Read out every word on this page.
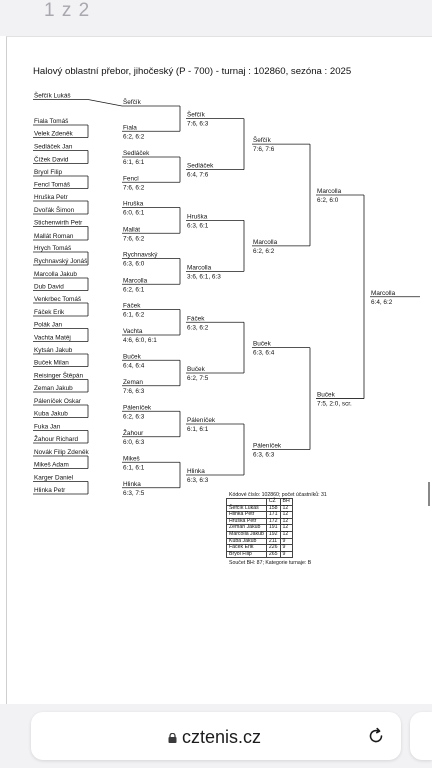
1 z 2
Halový oblastní přebor, jihočeský (P - 700) - turnaj : 102860, sezóna : 2025
Šefčík Lukáš
Fiala Tomáš
Velek Zdeněk
Sedláček Jan
Čížek David
Bryol Filip
Fencl Tomáš
Hruška Petr
Dvořák Šimon
Stichenwirth Petr
Mallát Roman
Hrych Tomáš
Rychnavský Jonáš
Marcolla Jakub
Dub David
Venkrbec Tomáš
Fáček Erik
Polák Jan
Vachta Matěj
Kytsán Jakub
Buček Milan
Reisinger Štěpán
Zeman Jakub
Páleníček Oskar
Kuba Jakub
Fuka Jan
Žahour Richard
Novák Filip Zdeněk
Mikeš Adam
Karger Daniel
Hlinka Petr
Šefčík
Fiala
6:2, 6:2
Sedláček
6:1, 6:1
Fencl
7:6, 6:2
Hruška
6:0, 6:1
Mallát
7:6, 6:2
Rychnavský
6:3, 6:0
Marcolla
6:2, 6:1
Fáček
6:1, 6:2
Vachta
4:6, 6:0, 6:1
Buček
6:4, 6:4
Zeman
7:6, 6:3
Páleníček
6:2, 6:3
Žahour
6:0, 6:3
Mikeš
6:1, 6:1
Hlinka
6:3, 7:5
Šefčík
7:6, 6:3
Sedláček
6:4, 7:6
Hruška
6:3, 6:1
Marcolla
3:6, 6:1, 6:3
Fáček
6:3, 6:2
Buček
6:2, 7:5
Páleníček
6:1, 6:1
Hlinka
6:3, 6:3
Šefčík
7:6, 7:6
Marcolla
6:2, 6:2
Buček
6:3, 6:4
Páleníček
6:3, 6:3
Marcolla
6:2, 6:0
Buček
7:5, 2:0, scr.
Marcolla
6:4, 6:2
Kódové číslo: 102860; počet účastníků: 31
	CŽ	BH
Šefčík Lukáš	158	12
Hlinka Petr	171	12
Hruška Petr	172	12
Zeman Jakub	191	12
Marcolla Jakub	192	12
Kuba Jakub	211	9
Fáček Erik	226	9
Bryol Filip	265	9
Součet BH: 87; Kategorie turnaje: B
cztenis.cz
